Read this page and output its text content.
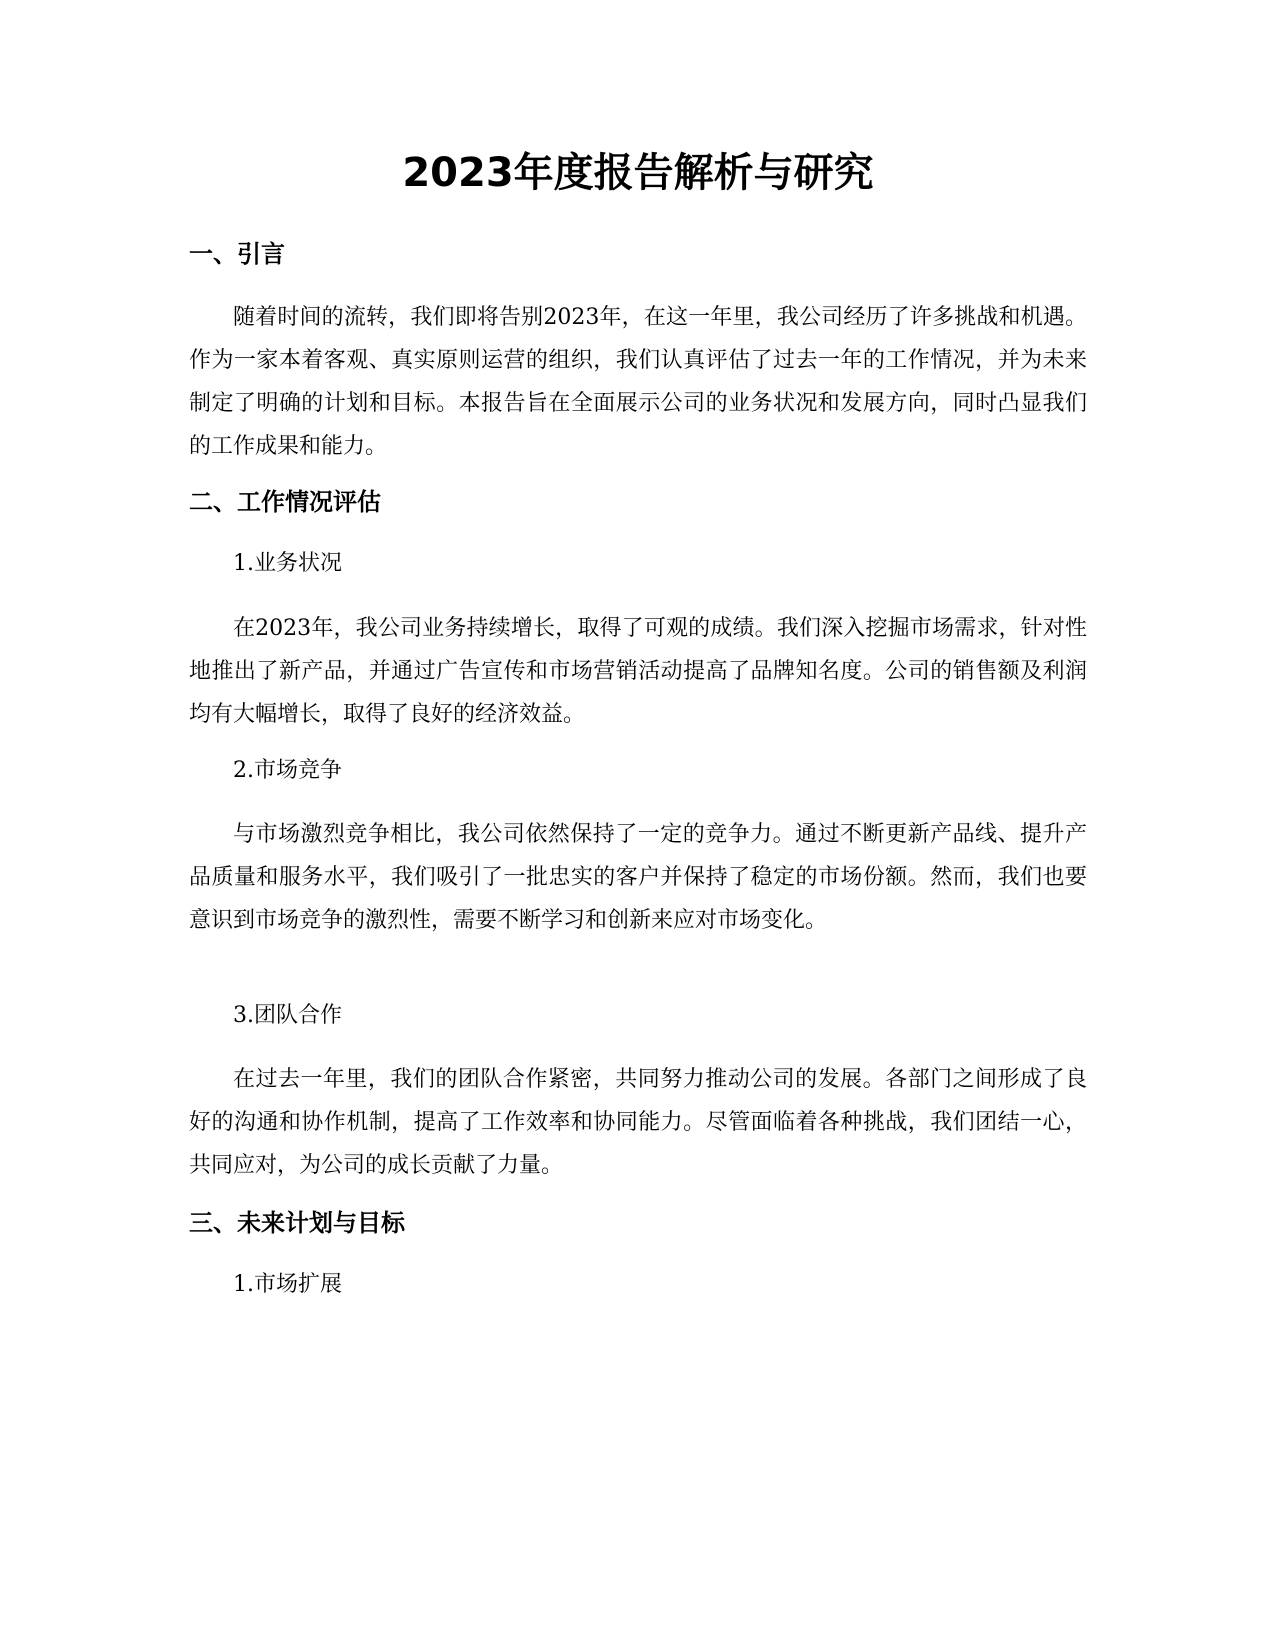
2023年度报告解析与研究
一、引言

随着时间的流转，我们即将告别2023年，在这一年里，我公司经历了许多挑战和机遇。作为一家本着客观、真实原则运营的组织，我们认真评估了过去一年的工作情况，并为未来制定了明确的计划和目标。本报告旨在全面展示公司的业务状况和发展方向，同时凸显我们的工作成果和能力。

二、工作情况评估
1.业务状况

在2023年，我公司业务持续增长，取得了可观的成绩。我们深入挖掘市场需求，针对性地推出了新产品，并通过广告宣传和市场营销活动提高了品牌知名度。公司的销售额及利润均有大幅增长，取得了良好的经济效益。

2.市场竞争

与市场激烈竞争相比，我公司依然保持了一定的竞争力。通过不断更新产品线、提升产品质量和服务水平，我们吸引了一批忠实的客户并保持了稳定的市场份额。然而，我们也要意识到市场竞争的激烈性，需要不断学习和创新来应对市场变化。

3.团队合作

在过去一年里，我们的团队合作紧密，共同努力推动公司的发展。各部门之间形成了良好的沟通和协作机制，提高了工作效率和协同能力。尽管面临着各种挑战，我们团结一心，共同应对，为公司的成长贡献了力量。

三、未来计划与目标
1.市场扩展
